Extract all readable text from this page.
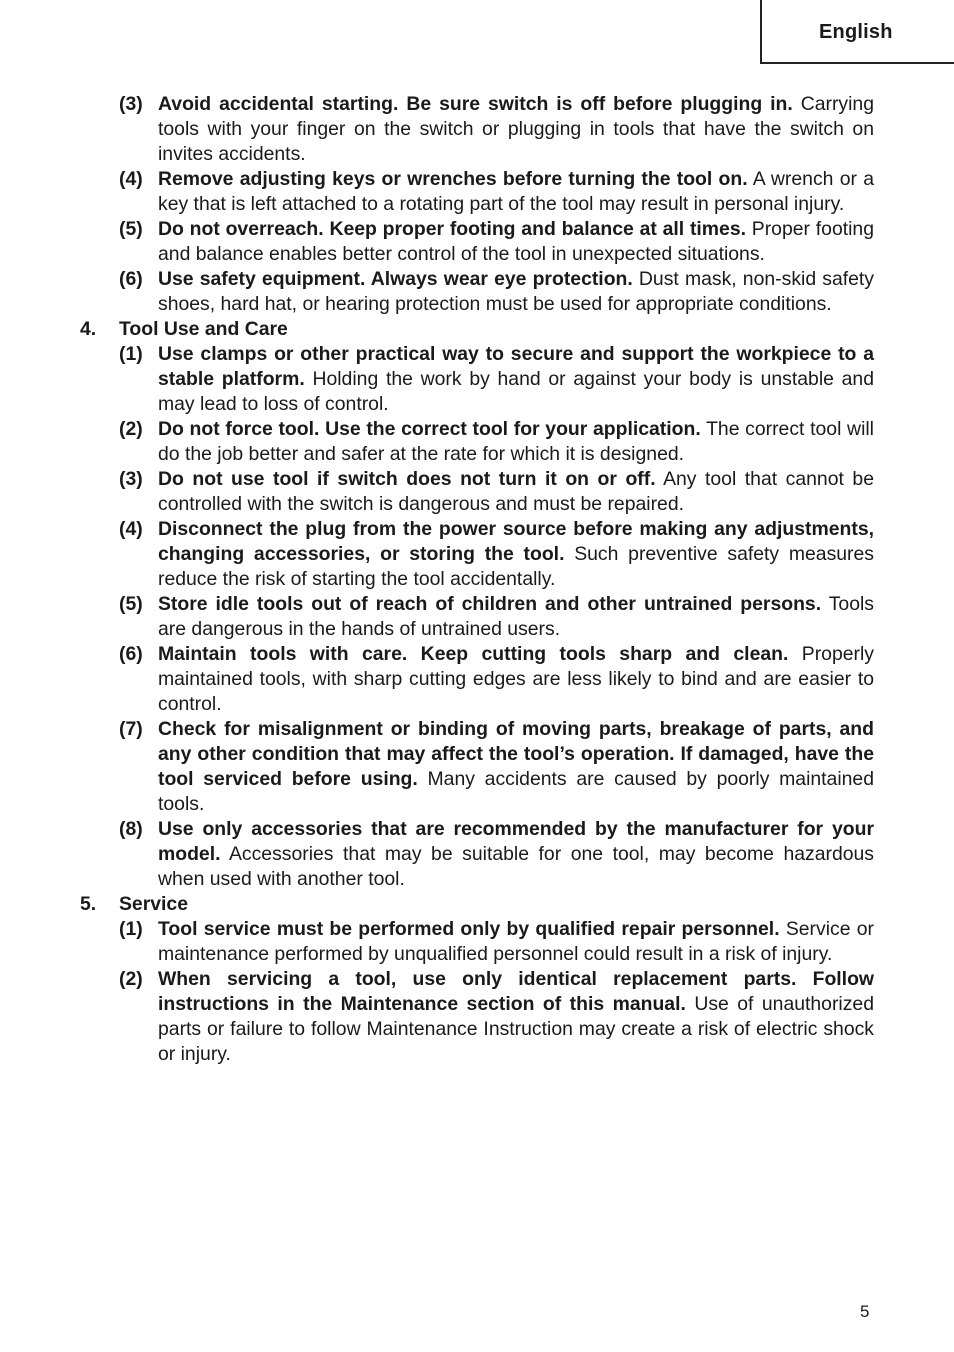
English
(3) Avoid accidental starting. Be sure switch is off before plugging in. Carrying tools with your finger on the switch or plugging in tools that have the switch on invites accidents.
(4) Remove adjusting keys or wrenches before turning the tool on. A wrench or a key that is left attached to a rotating part of the tool may result in personal injury.
(5) Do not overreach. Keep proper footing and balance at all times. Proper footing and balance enables better control of the tool in unexpected situations.
(6) Use safety equipment. Always wear eye protection. Dust mask, non-skid safety shoes, hard hat, or hearing protection must be used for appropriate conditions.
4. Tool Use and Care
(1) Use clamps or other practical way to secure and support the workpiece to a stable platform. Holding the work by hand or against your body is unstable and may lead to loss of control.
(2) Do not force tool. Use the correct tool for your application. The correct tool will do the job better and safer at the rate for which it is designed.
(3) Do not use tool if switch does not turn it on or off. Any tool that cannot be controlled with the switch is dangerous and must be repaired.
(4) Disconnect the plug from the power source before making any adjustments, changing accessories, or storing the tool. Such preventive safety measures reduce the risk of starting the tool accidentally.
(5) Store idle tools out of reach of children and other untrained persons. Tools are dangerous in the hands of untrained users.
(6) Maintain tools with care. Keep cutting tools sharp and clean. Properly maintained tools, with sharp cutting edges are less likely to bind and are easier to control.
(7) Check for misalignment or binding of moving parts, breakage of parts, and any other condition that may affect the tool’s operation. If damaged, have the tool serviced before using. Many accidents are caused by poorly maintained tools.
(8) Use only accessories that are recommended by the manufacturer for your model. Accessories that may be suitable for one tool, may become hazardous when used with another tool.
5. Service
(1) Tool service must be performed only by qualified repair personnel. Service or maintenance performed by unqualified personnel could result in a risk of injury.
(2) When servicing a tool, use only identical replacement parts. Follow instructions in the Maintenance section of this manual. Use of unauthorized parts or failure to follow Maintenance Instruction may create a risk of electric shock or injury.
5
